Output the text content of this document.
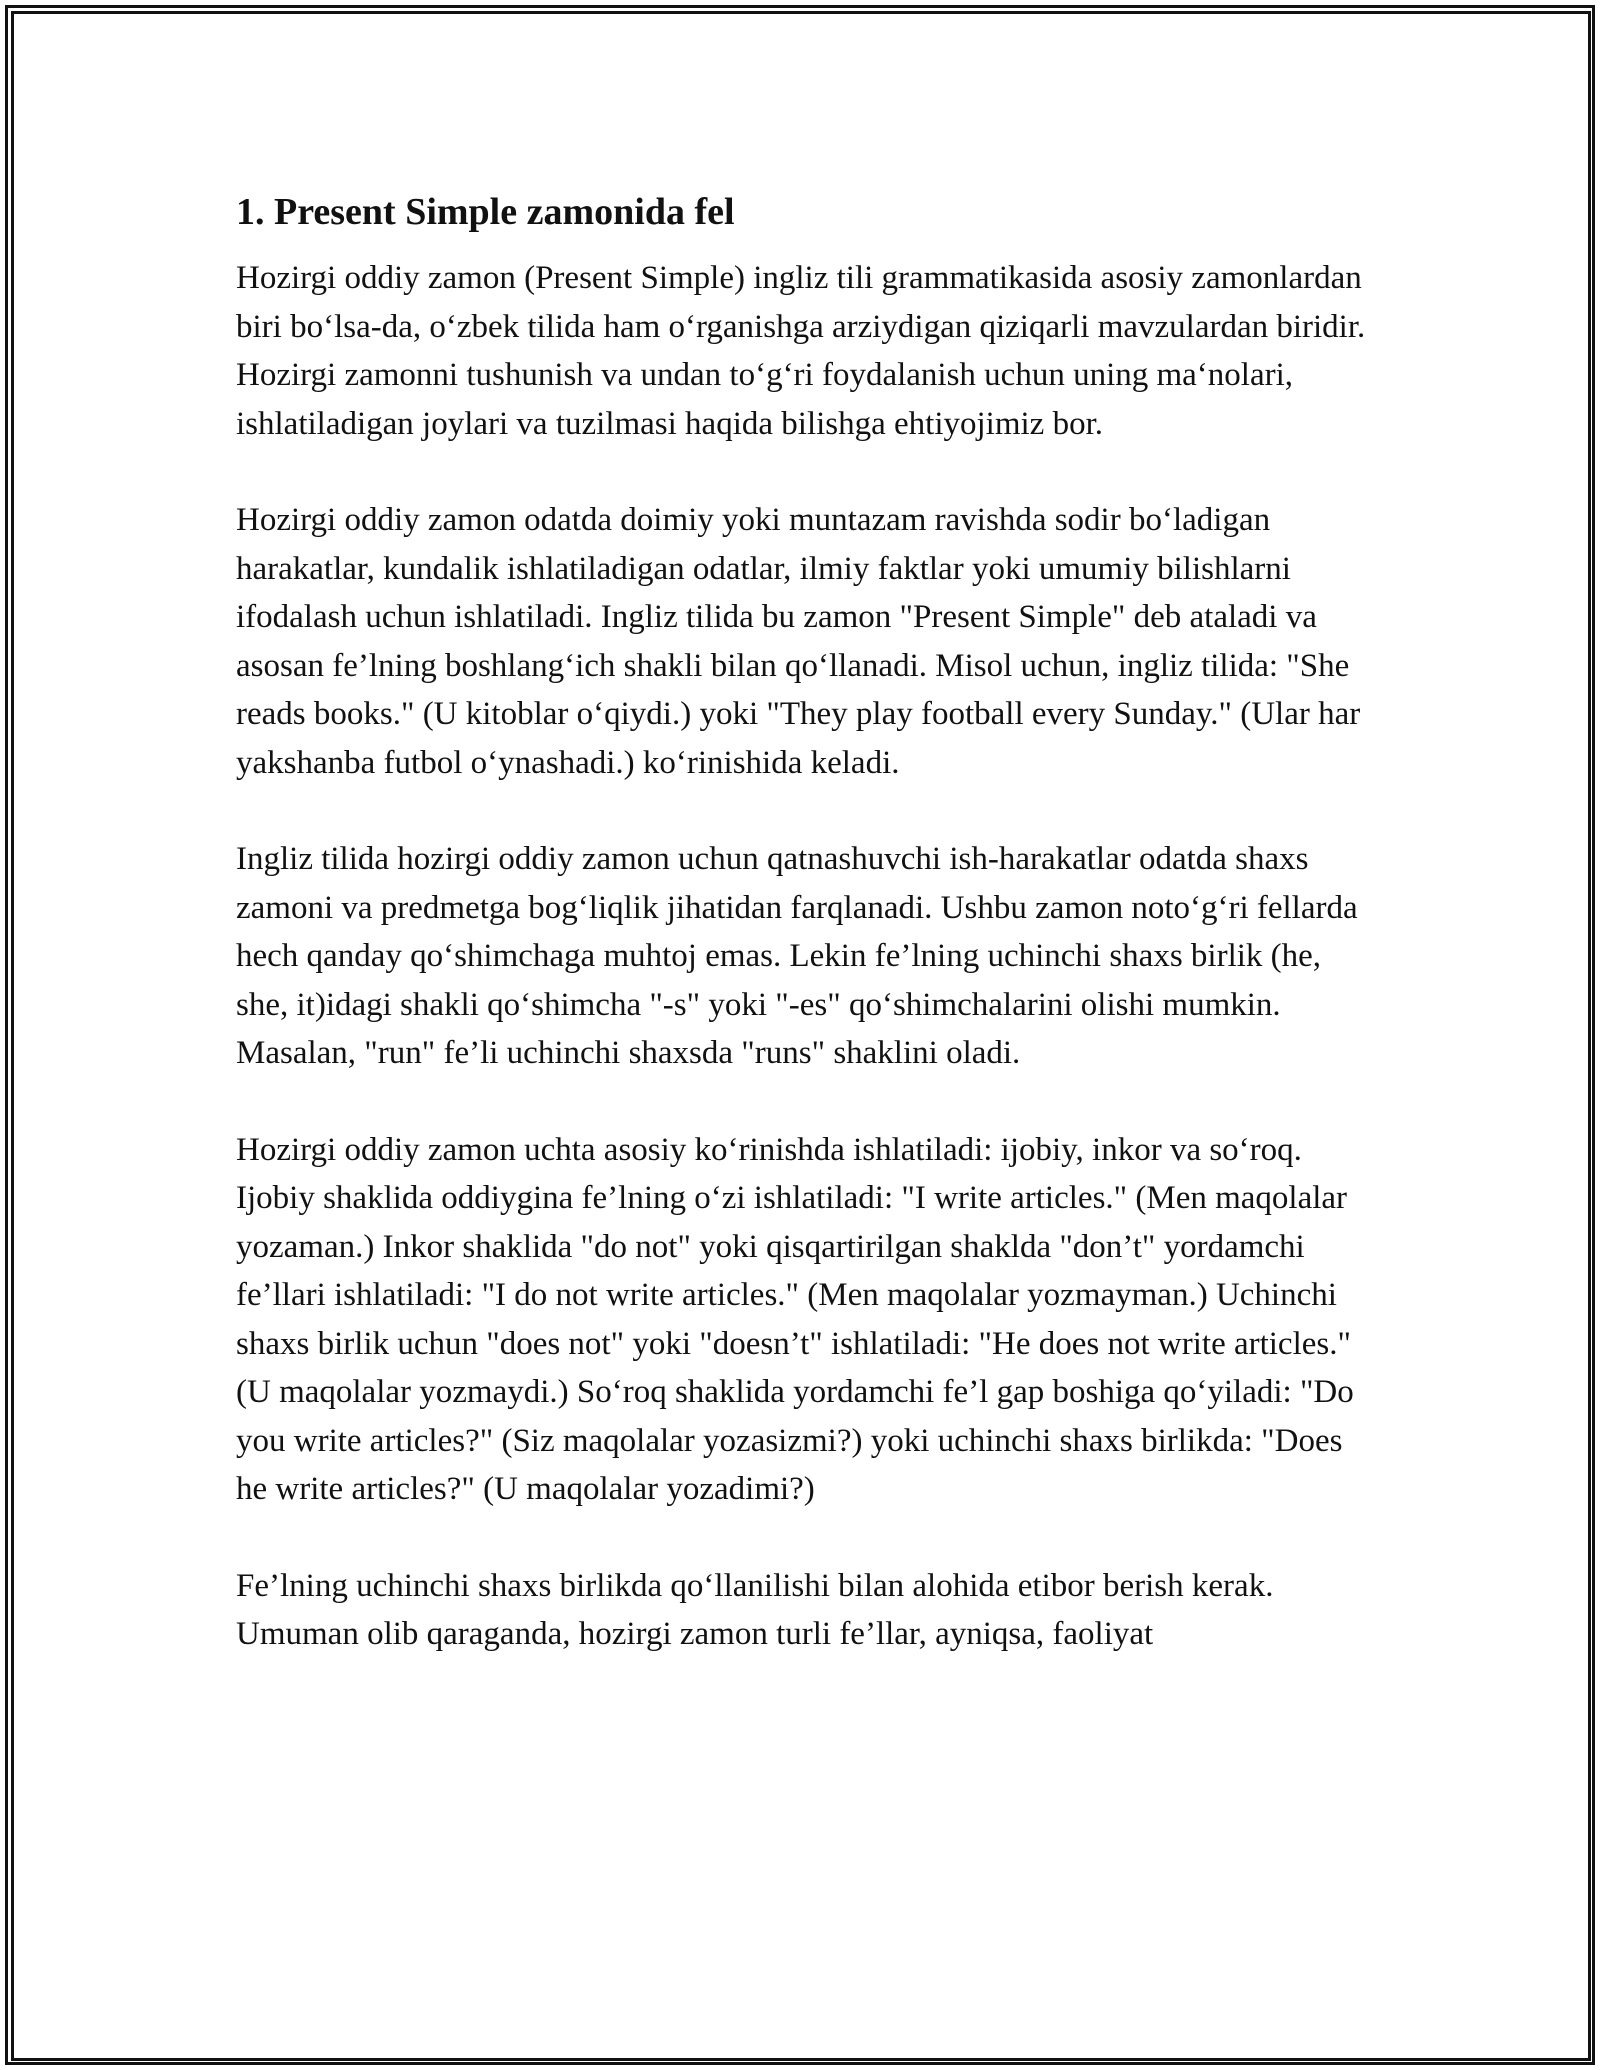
1. Present Simple zamonida fel

Hozirgi oddiy zamon (Present Simple) ingliz tili grammatikasida asosiy zamonlardan biri bo‘lsa-da, o‘zbek tilida ham o‘rganishga arziydigan qiziqarli mavzulardan biridir. Hozirgi zamonni tushunish va undan to‘g‘ri foydalanish uchun uning ma‘nolari, ishlatiladigan joylari va tuzilmasi haqida bilishga ehtiyojimiz bor.

Hozirgi oddiy zamon odatda doimiy yoki muntazam ravishda sodir bo‘ladigan harakatlar, kundalik ishlatiladigan odatlar, ilmiy faktlar yoki umumiy bilishlarni ifodalash uchun ishlatiladi. Ingliz tilida bu zamon "Present Simple" deb ataladi va asosan fe’lning boshlang‘ich shakli bilan qo‘llanadi. Misol uchun, ingliz tilida: "She reads books." (U kitoblar o‘qiydi.) yoki "They play football every Sunday." (Ular har yakshanba futbol o‘ynashadi.) ko‘rinishida keladi.

Ingliz tilida hozirgi oddiy zamon uchun qatnashuvchi ish-harakatlar odatda shaxs zamoni va predmetga bog‘liqlik jihatidan farqlanadi. Ushbu zamon noto‘g‘ri fellarda hech qanday qo‘shimchaga muhtoj emas. Lekin fe’lning uchinchi shaxs birlik (he, she, it)idagi shakli qo‘shimcha "-s" yoki "-es" qo‘shimchalarini olishi mumkin. Masalan, "run" fe’li uchinchi shaxsda "runs" shaklini oladi.

Hozirgi oddiy zamon uchta asosiy ko‘rinishda ishlatiladi: ijobiy, inkor va so‘roq. Ijobiy shaklida oddiygina fe’lning o‘zi ishlatiladi: "I write articles." (Men maqolalar yozaman.) Inkor shaklida "do not" yoki qisqartirilgan shaklda "don’t" yordamchi fe’llari ishlatiladi: "I do not write articles." (Men maqolalar yozmayman.) Uchinchi shaxs birlik uchun "does not" yoki "doesn’t" ishlatiladi: "He does not write articles." (U maqolalar yozmaydi.) So‘roq shaklida yordamchi fe’l gap boshiga qo‘yiladi: "Do you write articles?" (Siz maqolalar yozasizmi?) yoki uchinchi shaxs birlikda: "Does he write articles?" (U maqolalar yozadimi?)

Fe’lning uchinchi shaxs birlikda qo‘llanilishi bilan alohida etibor berish kerak. Umuman olib qaraganda, hozirgi zamon turli fe’llar, ayniqsa, faoliyat
